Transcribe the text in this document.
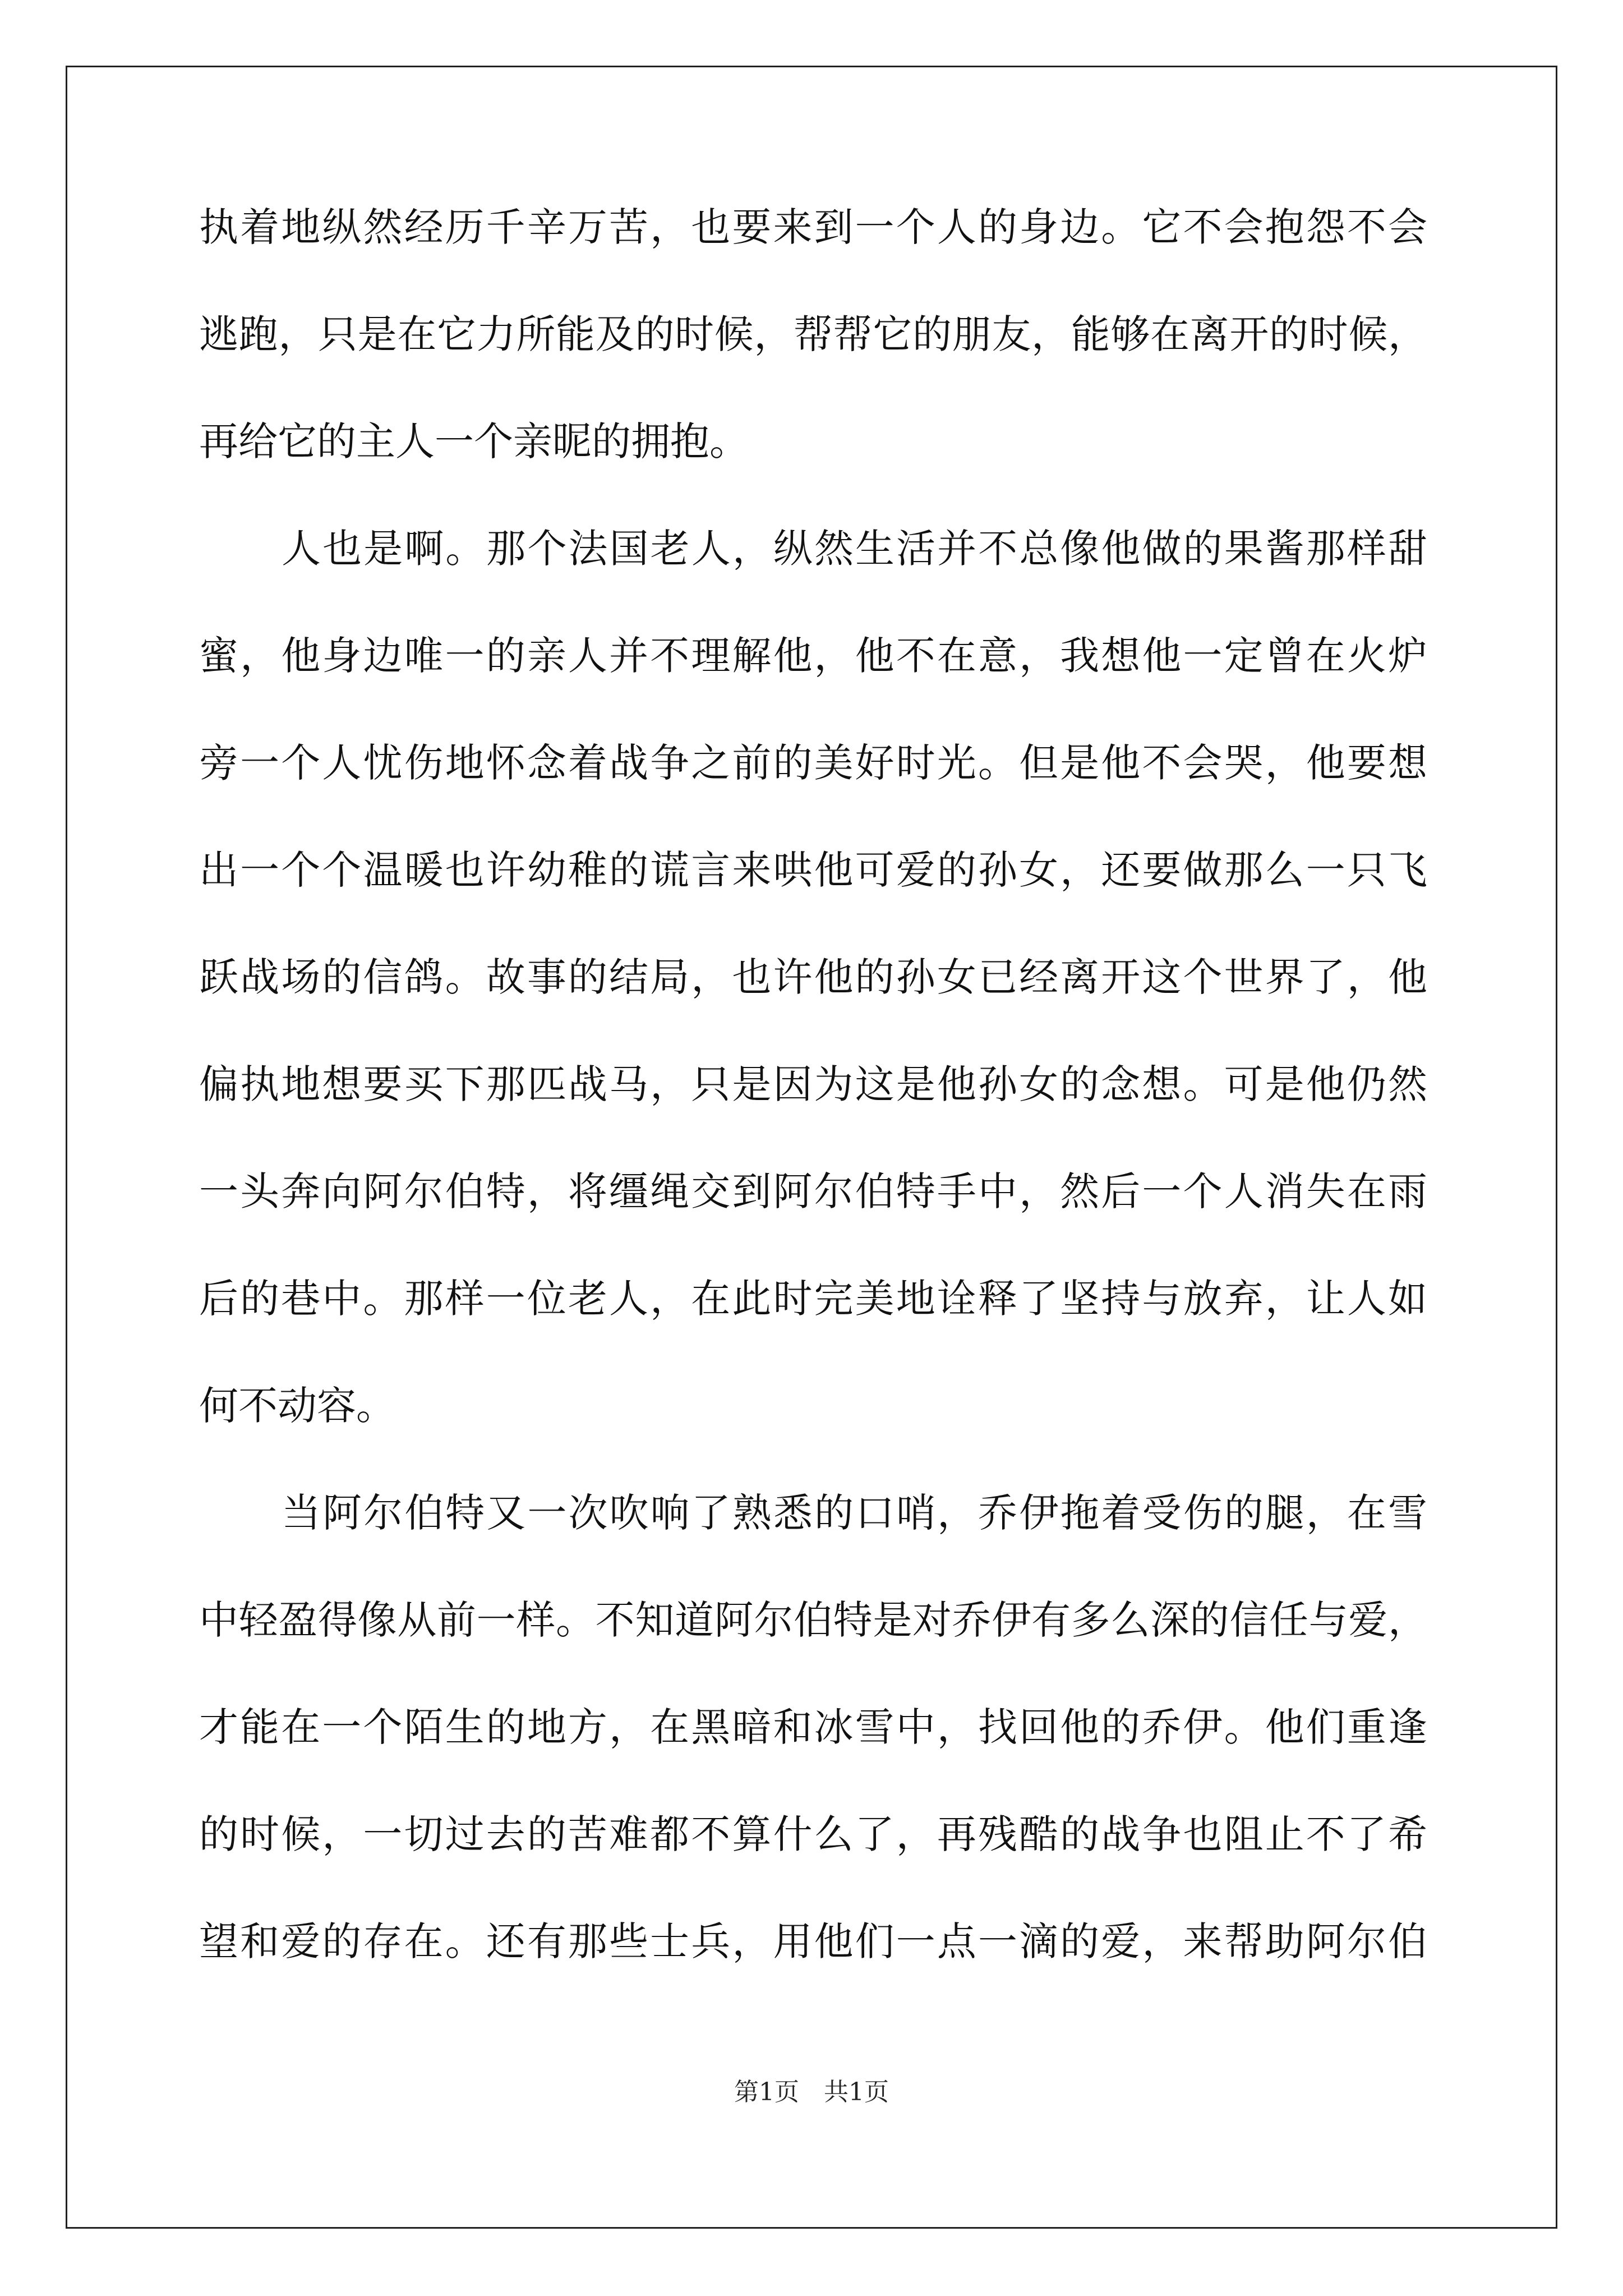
执着地纵然经历千辛万苦，也要来到一个人的身边。它不会抱怨不会
逃跑，只是在它力所能及的时候，帮帮它的朋友，能够在离开的时候，
再给它的主人一个亲昵的拥抱。
人也是啊。那个法国老人，纵然生活并不总像他做的果酱那样甜
蜜，他身边唯一的亲人并不理解他，他不在意，我想他一定曾在火炉
旁一个人忧伤地怀念着战争之前的美好时光。但是他不会哭，他要想
出一个个温暖也许幼稚的谎言来哄他可爱的孙女，还要做那么一只飞
跃战场的信鸽。故事的结局，也许他的孙女已经离开这个世界了，他
偏执地想要买下那匹战马，只是因为这是他孙女的念想。可是他仍然
一头奔向阿尔伯特，将缰绳交到阿尔伯特手中，然后一个人消失在雨
后的巷中。那样一位老人，在此时完美地诠释了坚持与放弃，让人如
何不动容。
当阿尔伯特又一次吹响了熟悉的口哨，乔伊拖着受伤的腿，在雪
中轻盈得像从前一样。不知道阿尔伯特是对乔伊有多么深的信任与爱，
才能在一个陌生的地方，在黑暗和冰雪中，找回他的乔伊。他们重逢
的时候，一切过去的苦难都不算什么了，再残酷的战争也阻止不了希
望和爱的存在。还有那些士兵，用他们一点一滴的爱，来帮助阿尔伯
第1页　共1页
